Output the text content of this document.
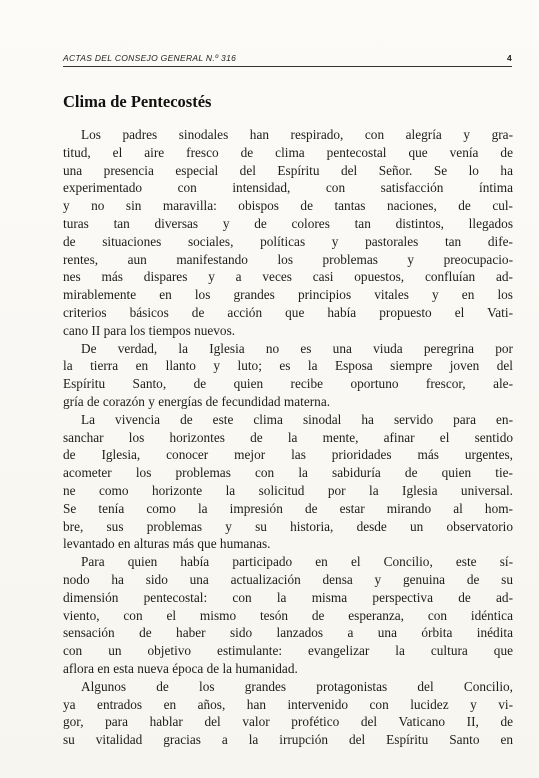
ACTAS DEL CONSEJO GENERAL N.º 316	4
Clima de Pentecostés

Los padres sinodales han respirado, con alegría y gra-
titud, el aire fresco de clima pentecostal que venía de
una presencia especial del Espíritu del Señor. Se lo ha
experimentado con intensidad, con satisfacción íntima
y no sin maravilla: obispos de tantas naciones, de cul-
turas tan diversas y de colores tan distintos, llegados
de situaciones sociales, políticas y pastorales tan dife-
rentes, aun manifestando los problemas y preocupacio-
nes más dispares y a veces casi opuestos, confluían ad-
mirablemente en los grandes principios vitales y en los
criterios básicos de acción que había propuesto el Vati-
cano II para los tiempos nuevos.

De verdad, la Iglesia no es una viuda peregrina por
la tierra en llanto y luto; es la Esposa siempre joven del
Espíritu Santo, de quien recibe oportuno frescor, ale-
gría de corazón y energías de fecundidad materna.

La vivencia de este clima sinodal ha servido para en-
sanchar los horizontes de la mente, afinar el sentido
de Iglesia, conocer mejor las prioridades más urgentes,
acometer los problemas con la sabiduría de quien tie-
ne como horizonte la solicitud por la Iglesia universal.
Se tenía como la impresión de estar mirando al hom-
bre, sus problemas y su historia, desde un observatorio
levantado en alturas más que humanas.

Para quien había participado en el Concilio, este sí-
nodo ha sido una actualización densa y genuina de su
dimensión pentecostal: con la misma perspectiva de ad-
viento, con el mismo tesón de esperanza, con idéntica
sensación de haber sido lanzados a una órbita inédita
con un objetivo estimulante: evangelizar la cultura que
aflora en esta nueva época de la humanidad.

Algunos de los grandes protagonistas del Concilio,
ya entrados en años, han intervenido con lucidez y vi-
gor, para hablar del valor profético del Vaticano II, de
su vitalidad gracias a la irrupción del Espíritu Santo en
